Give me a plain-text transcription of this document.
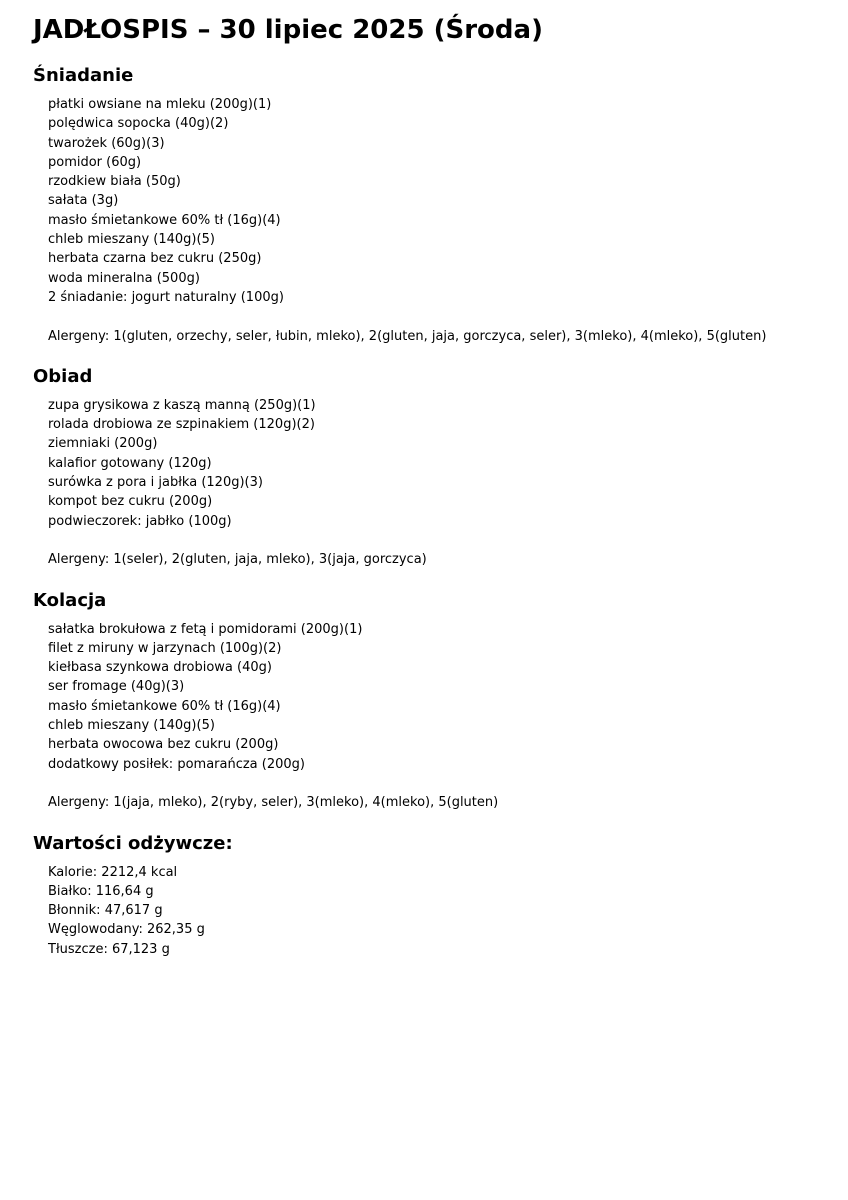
JADŁOSPIS – 30 lipiec 2025 (Środa)
Śniadanie
płatki owsiane na mleku (200g)(1)
polędwica sopocka (40g)(2)
twarożek (60g)(3)
pomidor (60g)
rzodkiew biała (50g)
sałata (3g)
masło śmietankowe 60% tł (16g)(4)
chleb mieszany (140g)(5)
herbata czarna bez cukru (250g)
woda mineralna (500g)
2 śniadanie: jogurt naturalny (100g)

Alergeny: 1(gluten, orzechy, seler, łubin, mleko), 2(gluten, jaja, gorczyca, seler), 3(mleko), 4(mleko), 5(gluten)

Obiad
zupa grysikowa z kaszą manną (250g)(1)
rolada drobiowa ze szpinakiem (120g)(2)
ziemniaki (200g)
kalafior gotowany (120g)
surówka z pora i jabłka (120g)(3)
kompot bez cukru (200g)
podwieczorek: jabłko (100g)

Alergeny: 1(seler), 2(gluten, jaja, mleko), 3(jaja, gorczyca)

Kolacja
sałatka brokułowa z fetą i pomidorami (200g)(1)
filet z miruny w jarzynach (100g)(2)
kiełbasa szynkowa drobiowa (40g)
ser fromage (40g)(3)
masło śmietankowe 60% tł (16g)(4)
chleb mieszany (140g)(5)
herbata owocowa bez cukru (200g)
dodatkowy posiłek: pomarańcza (200g)

Alergeny: 1(jaja, mleko), 2(ryby, seler), 3(mleko), 4(mleko), 5(gluten)

Wartości odżywcze:
Kalorie: 2212,4 kcal
Białko: 116,64 g
Błonnik: 47,617 g
Węglowodany: 262,35 g
Tłuszcze: 67,123 g
